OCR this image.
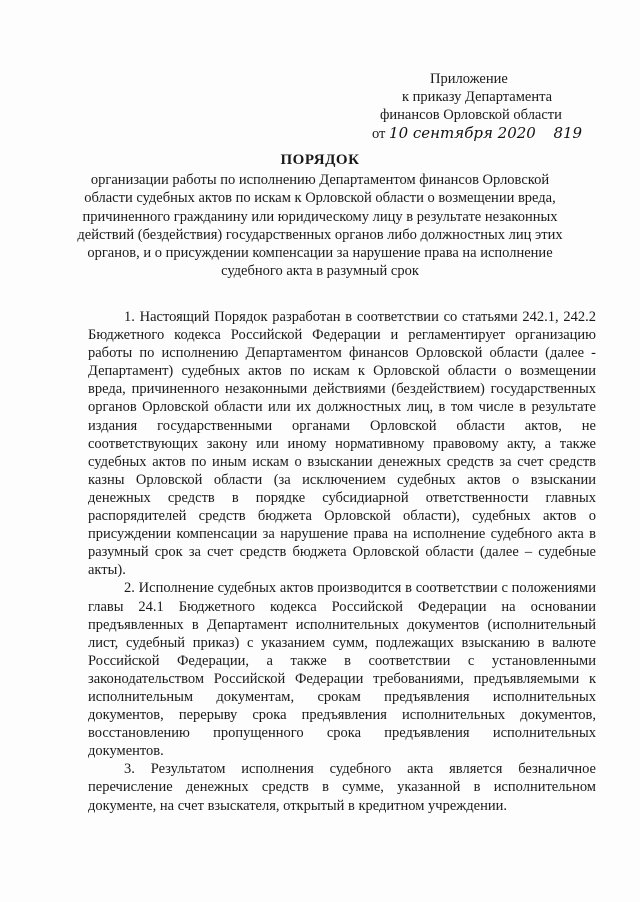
Приложение
к приказу Департамента
финансов Орловской области
от 10 сентября 2020 819
ПОРЯДОК
организации работы по исполнению Департаментом финансов Орловской области судебных актов по искам к Орловской области о возмещении вреда, причиненного гражданину или юридическому лицу в результате незаконных действий (бездействия) государственных органов либо должностных лиц этих органов, и о присуждении компенсации за нарушение права на исполнение судебного акта в разумный срок

1. Настоящий Порядок разработан в соответствии со статьями 242.1, 242.2 Бюджетного кодекса Российской Федерации и регламентирует организацию работы по исполнению Департаментом финансов Орловской области (далее - Департамент) судебных актов по искам к Орловской области о возмещении вреда, причиненного незаконными действиями (бездействием) государственных органов Орловской области или их должностных лиц, в том числе в результате издания государственными органами Орловской области актов, не соответствующих закону или иному нормативному правовому акту, а также судебных актов по иным искам о взыскании денежных средств за счет средств казны Орловской области (за исключением судебных актов о взыскании денежных средств в порядке субсидиарной ответственности главных распорядителей средств бюджета Орловской области), судебных актов о присуждении компенсации за нарушение права на исполнение судебного акта в разумный срок за счет средств бюджета Орловской области (далее – судебные акты).

2. Исполнение судебных актов производится в соответствии с положениями главы 24.1 Бюджетного кодекса Российской Федерации на основании предъявленных в Департамент исполнительных документов (исполнительный лист, судебный приказ) с указанием сумм, подлежащих взысканию в валюте Российской Федерации, а также в соответствии с установленными законодательством Российской Федерации требованиями, предъявляемыми к исполнительным документам, срокам предъявления исполнительных документов, перерыву срока предъявления исполнительных документов, восстановлению пропущенного срока предъявления исполнительных документов.

3. Результатом исполнения судебного акта является безналичное перечисление денежных средств в сумме, указанной в исполнительном документе, на счет взыскателя, открытый в кредитном учреждении.
